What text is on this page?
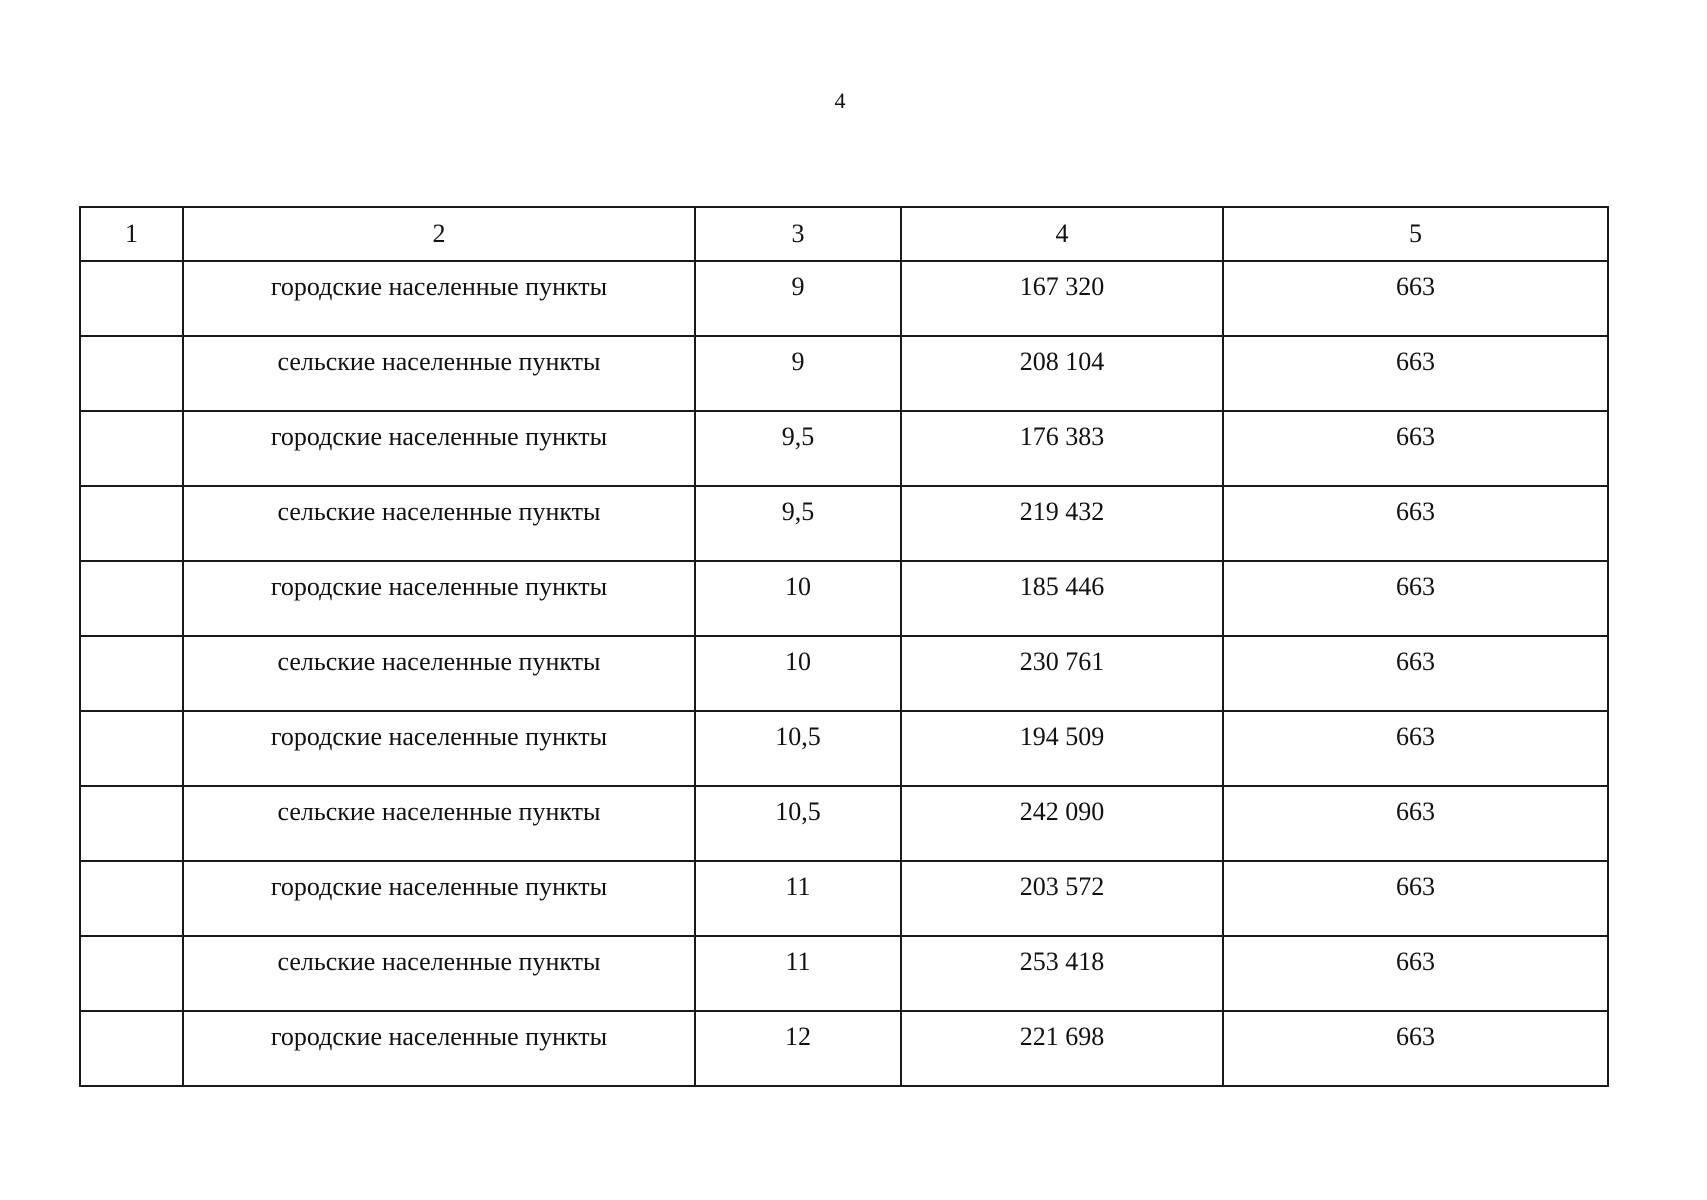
4
1	2	3	4	5
	городские населенные пункты	9	167 320	663
	сельские населенные пункты	9	208 104	663
	городские населенные пункты	9,5	176 383	663
	сельские населенные пункты	9,5	219 432	663
	городские населенные пункты	10	185 446	663
	сельские населенные пункты	10	230 761	663
	городские населенные пункты	10,5	194 509	663
	сельские населенные пункты	10,5	242 090	663
	городские населенные пункты	11	203 572	663
	сельские населенные пункты	11	253 418	663
	городские населенные пункты	12	221 698	663
